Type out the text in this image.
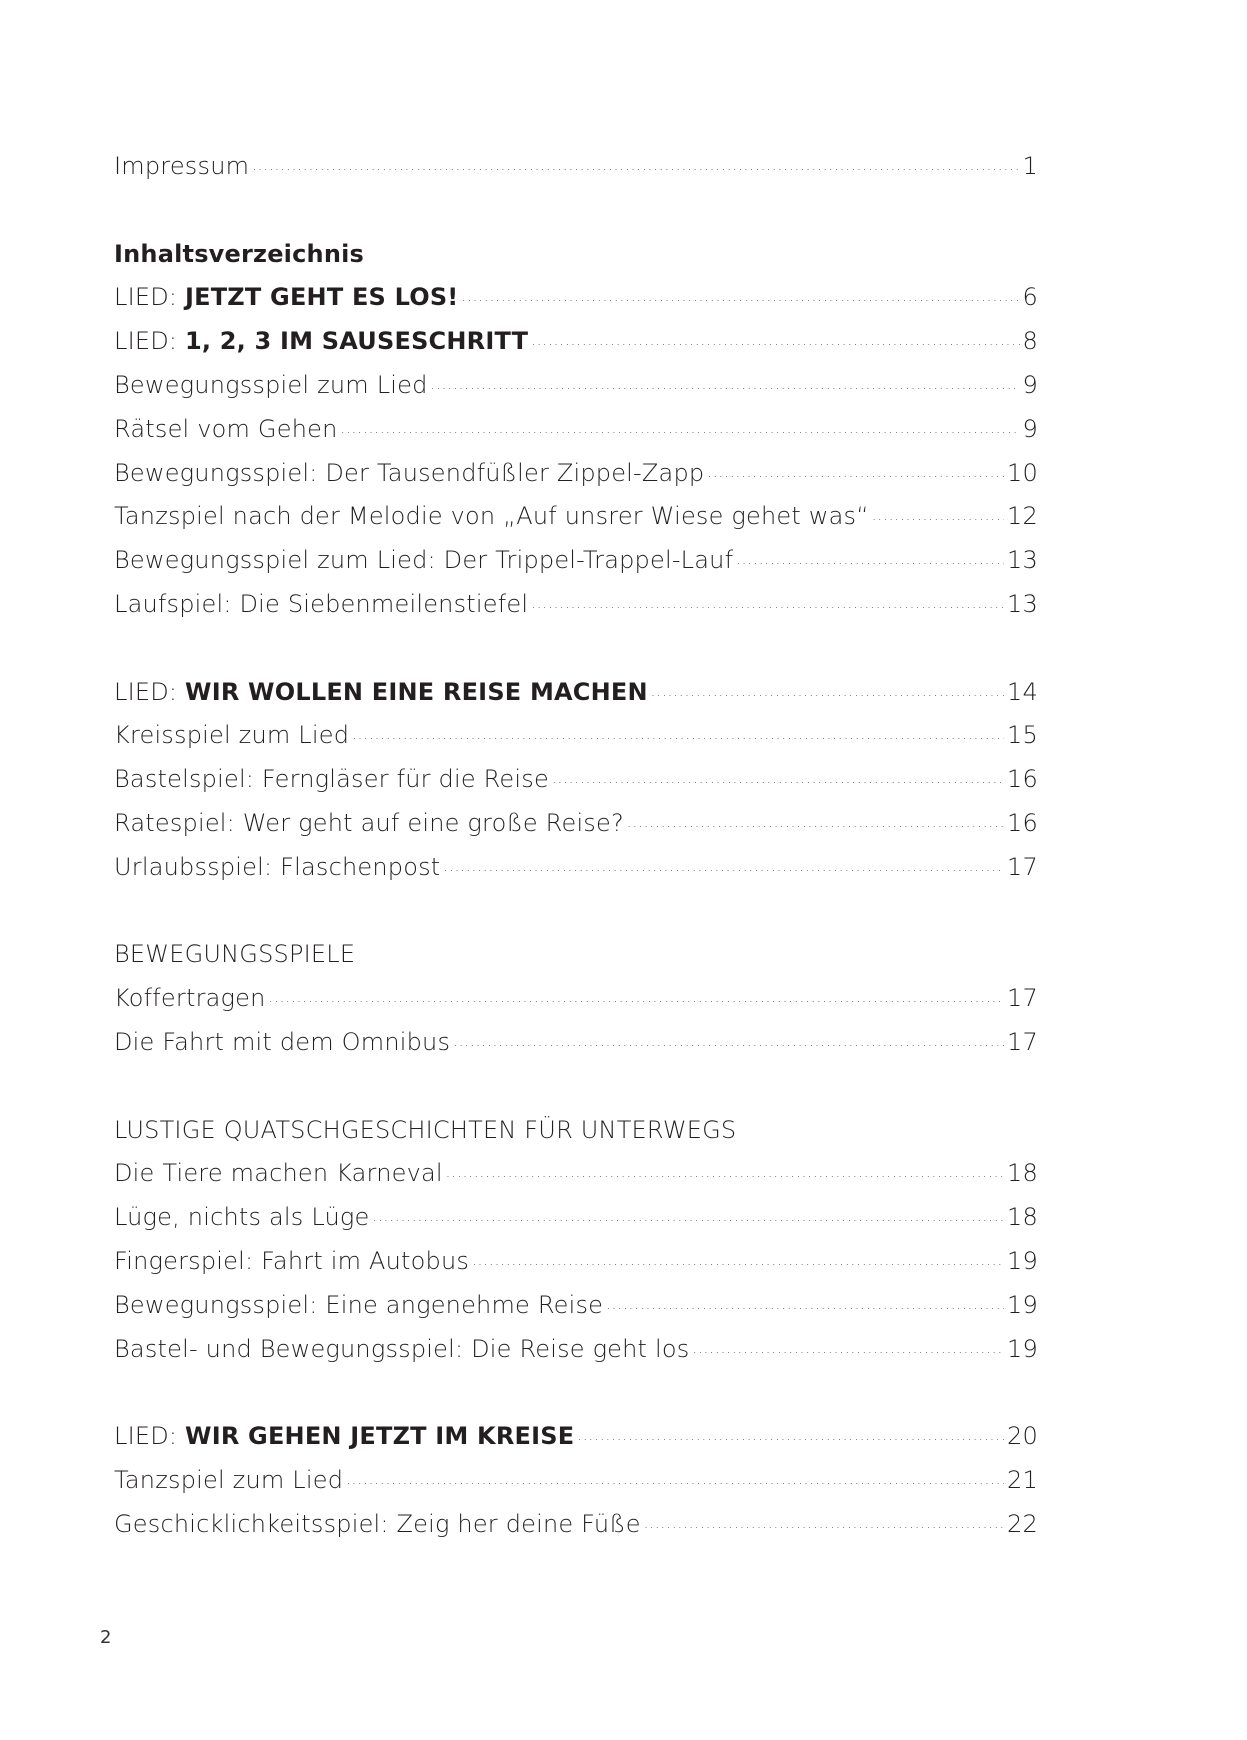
Impressum .....	1
Inhaltsverzeichnis
LIED: JETZT GEHT ES LOS! .....	6
LIED: 1, 2, 3 IM SAUSESCHRITT .....	8
Bewegungsspiel zum Lied .....	9
Rätsel vom Gehen .....	9
Bewegungsspiel: Der Tausendfüßler Zippel-Zapp .....	10
Tanzspiel nach der Melodie von „Auf unsrer Wiese gehet was“ .....	12
Bewegungsspiel zum Lied: Der Trippel-Trappel-Lauf .....	13
Laufspiel: Die Siebenmeilenstiefel .....	13
LIED: WIR WOLLEN EINE REISE MACHEN .....	14
Kreisspiel zum Lied .....	15
Bastelspiel: Ferngläser für die Reise .....	16
Ratespiel: Wer geht auf eine große Reise? .....	16
Urlaubsspiel: Flaschenpost .....	17
BEWEGUNGSSPIELE
Koffertragen .....	17
Die Fahrt mit dem Omnibus .....	17
LUSTIGE QUATSCHGESCHICHTEN FÜR UNTERWEGS
Die Tiere machen Karneval .....	18
Lüge, nichts als Lüge .....	18
Fingerspiel: Fahrt im Autobus .....	19
Bewegungsspiel: Eine angenehme Reise .....	19
Bastel- und Bewegungsspiel: Die Reise geht los .....	19
LIED: WIR GEHEN JETZT IM KREISE .....	20
Tanzspiel zum Lied .....	21
Geschicklichkeitsspiel: Zeig her deine Füße .....	22
2
